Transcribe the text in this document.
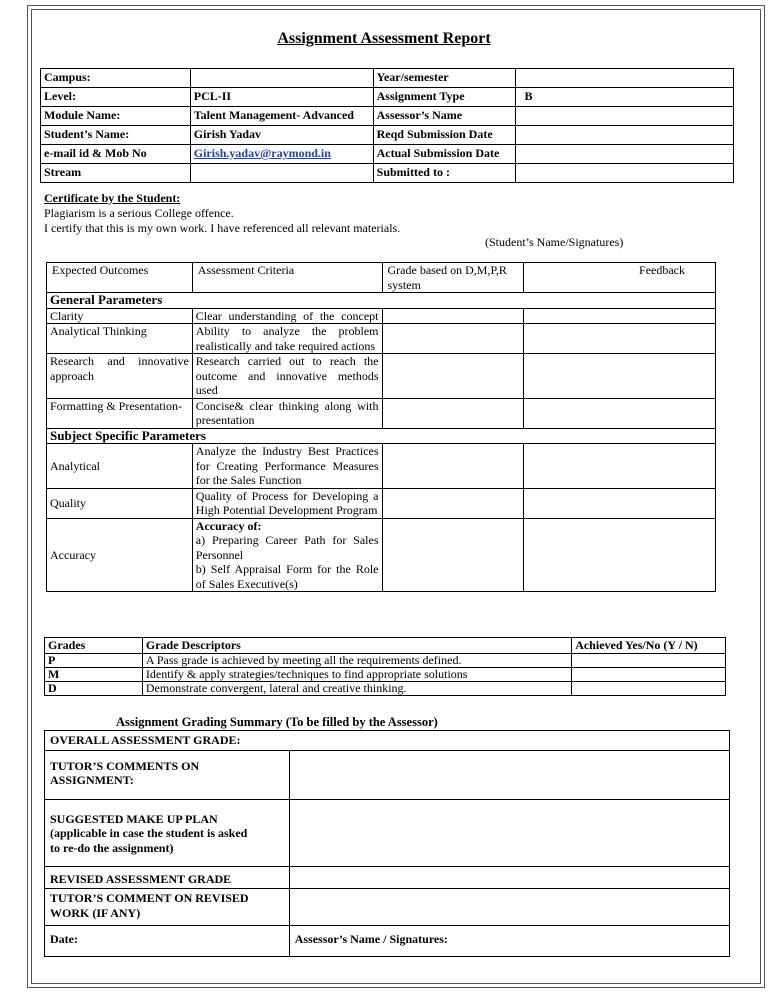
Assignment Assessment Report
Campus:		Year/semester	
Level:	PCL-II	Assignment Type	B
Module Name:	Talent Management- Advanced	Assessor’s Name	
Student’s Name:	Girish Yadav	Reqd Submission Date	
e-mail id & Mob No	Girish.yadav@raymond.in	Actual Submission Date	
Stream		Submitted to :	
Certificate by the Student:
Plagiarism is a serious College offence.
I certify that this is my own work. I have referenced all relevant materials.
(Student’s Name/Signatures)
Expected Outcomes	Assessment Criteria	Grade based on D,M,P,R system	Feedback
General Parameters			
Clarity	Clear understanding of the concept		
Analytical Thinking	Ability to analyze the problem realistically and take required actions		
Research and innovative approach	Research carried out to reach the outcome and innovative methods used		
Formatting & Presentation-	Concise& clear thinking along with presentation		
Subject Specific Parameters			
Analytical	Analyze the Industry Best Practices for Creating Performance Measures for the Sales Function		
Quality	Quality of Process for Developing a High Potential Development Program		
Accuracy	Accuracy of:
a) Preparing Career Path for Sales Personnel
b) Self Appraisal Form for the Role of Sales Executive(s)		

Grades	Grade Descriptors	Achieved Yes/No (Y / N)
P	A Pass grade is achieved by meeting all the requirements defined.	
M	Identify & apply strategies/techniques to find appropriate solutions	
D	Demonstrate convergent, lateral and creative thinking.	
Assignment Grading Summary (To be filled by the Assessor)
OVERALL ASSESSMENT GRADE:	
TUTOR’S COMMENTS ON ASSIGNMENT:	

SUGGESTED MAKE UP PLAN
(applicable in case the student is asked
to re-do the assignment)	

REVISED ASSESSMENT GRADE	

TUTOR’S COMMENT ON REVISED
WORK (IF ANY)	

Date:	Assessor’s Name / Signatures:
